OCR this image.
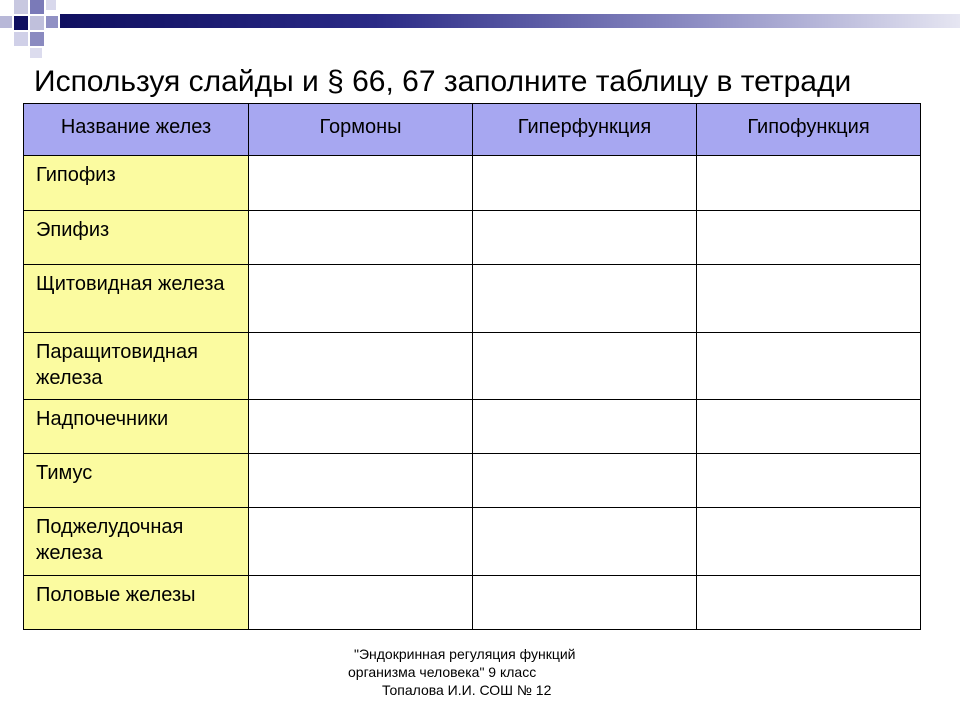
Используя слайды и § 66, 67 заполните таблицу в тетради
Название желез	Гормоны	Гиперфункция	Гипофункция
Гипофиз			
Эпифиз			
Щитовидная железа			
Паращитовидная железа			
Надпочечники			
Тимус			
Поджелудочная железа			
Половые железы			
"Эндокринная регуляция функций
организма человека" 9 класс
Топалова И.И. СОШ № 12
